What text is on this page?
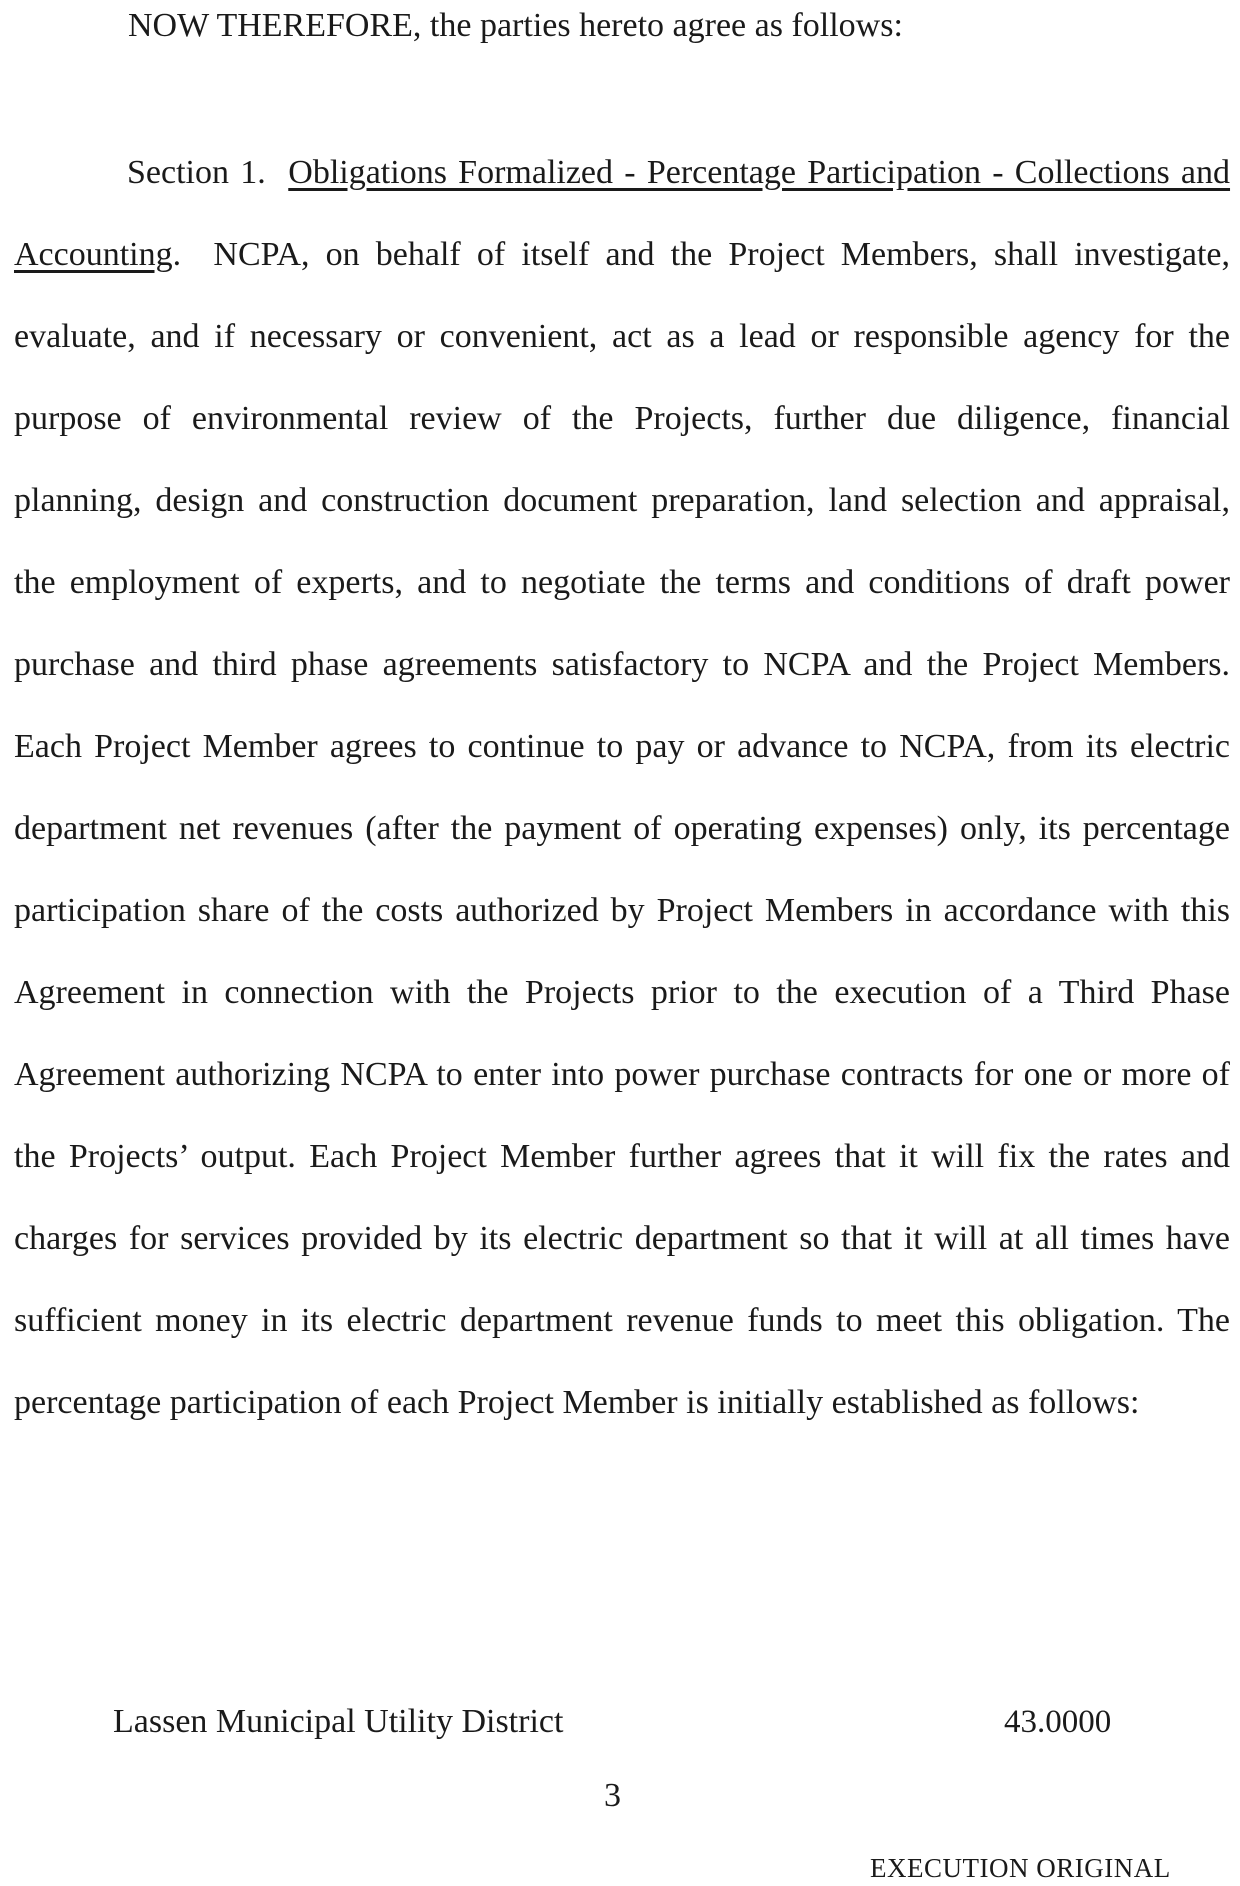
NOW THEREFORE, the parties hereto agree as follows:

Section 1. Obligations Formalized - Percentage Participation - Collections and Accounting. NCPA, on behalf of itself and the Project Members, shall investigate, evaluate, and if necessary or convenient, act as a lead or responsible agency for the purpose of environmental review of the Projects, further due diligence, financial planning, design and construction document preparation, land selection and appraisal, the employment of experts, and to negotiate the terms and conditions of draft power purchase and third phase agreements satisfactory to NCPA and the Project Members. Each Project Member agrees to continue to pay or advance to NCPA, from its electric department net revenues (after the payment of operating expenses) only, its percentage participation share of the costs authorized by Project Members in accordance with this Agreement in connection with the Projects prior to the execution of a Third Phase Agreement authorizing NCPA to enter into power purchase contracts for one or more of the Projects’ output. Each Project Member further agrees that it will fix the rates and charges for services provided by its electric department so that it will at all times have sufficient money in its electric department revenue funds to meet this obligation. The percentage participation of each Project Member is initially established as follows:

Lassen Municipal Utility District	43.0000
3
EXECUTION ORIGINAL
